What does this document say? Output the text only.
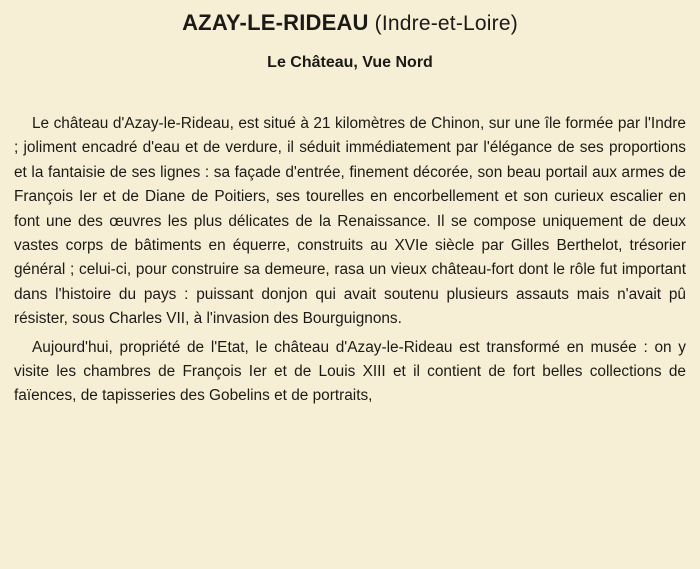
AZAY-LE-RIDEAU (Indre-et-Loire)
Le Château, Vue Nord

Le château d'Azay-le-Rideau, est situé à 21 kilomètres de Chinon, sur une île formée par l'Indre ; joliment encadré d'eau et de verdure, il séduit immédiatement par l'élégance de ses proportions et la fantaisie de ses lignes : sa façade d'entrée, finement décorée, son beau portail aux armes de François Ier et de Diane de Poitiers, ses tourelles en encorbellement et son curieux escalier en font une des œuvres les plus délicates de la Renaissance. Il se compose uniquement de deux vastes corps de bâtiments en équerre, construits au XVIe siècle par Gilles Berthelot, trésorier général ; celui-ci, pour construire sa demeure, rasa un vieux château-fort dont le rôle fut important dans l'histoire du pays : puissant donjon qui avait soutenu plusieurs assauts mais n'avait pû résister, sous Charles VII, à l'invasion des Bourguignons.

Aujourd'hui, propriété de l'Etat, le château d'Azay-le-Rideau est transformé en musée : on y visite les chambres de François Ier et de Louis XIII et il contient de fort belles collections de faïences, de tapisseries des Gobelins et de portraits,
